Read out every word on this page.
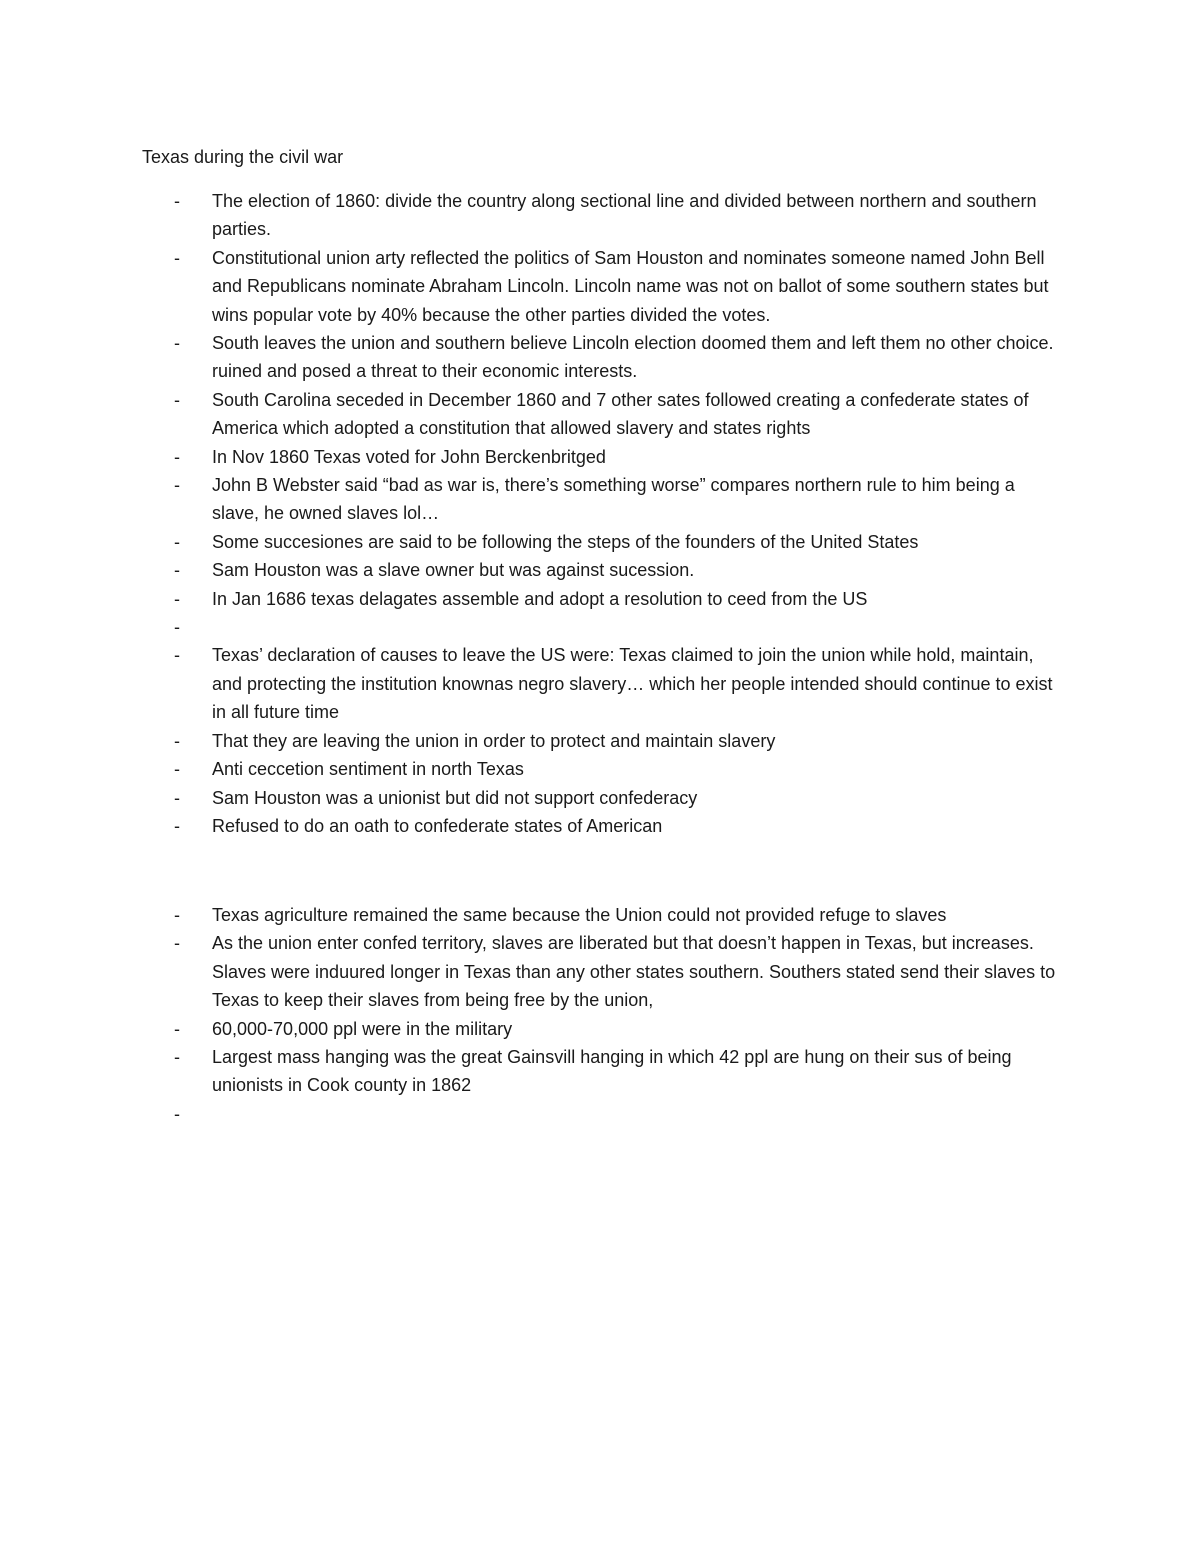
Texas during the civil war
- The election of 1860: divide the country along sectional line and divided between northern and southern parties.
- Constitutional union arty reflected the politics of Sam Houston and nominates someone named John Bell and Republicans nominate Abraham Lincoln. Lincoln name was not on ballot of some southern states but wins popular vote by 40% because the other parties divided the votes.
- South leaves the union and southern believe Lincoln election doomed them and left them no other choice. ruined and posed a threat to their economic interests.
- South Carolina seceded in December 1860 and 7 other sates followed creating a confederate states of America which adopted a constitution that allowed slavery and states rights
- In Nov 1860 Texas voted for John Berckenbritged
- John B Webster said “bad as war is, there’s something worse” compares northern rule to him being a slave, he owned slaves lol…
- Some succesiones are said to be following the steps of the founders of the United States
- Sam Houston was a slave owner but was against sucession.
- In Jan 1686 texas delagates assemble and adopt a resolution to ceed from the US
-
- Texas’ declaration of causes to leave the US were: Texas claimed to join the union while hold, maintain, and protecting the institution knownas negro slavery… which her people intended should continue to exist in all future time
- That they are leaving the union in order to protect and maintain slavery
- Anti ceccetion sentiment in north Texas
- Sam Houston was a unionist but did not support confederacy
- Refused to do an oath to confederate states of American
- Texas agriculture remained the same because the Union could not provided refuge to slaves
- As the union enter confed territory, slaves are liberated but that doesn’t happen in Texas, but increases. Slaves were induured longer in Texas than any other states southern. Southers stated send their slaves to Texas to keep their slaves from being free by the union,
- 60,000-70,000 ppl were in the military
- Largest mass hanging was the great Gainsvill hanging in which 42 ppl are hung on their sus of being unionists in Cook county in 1862
-
